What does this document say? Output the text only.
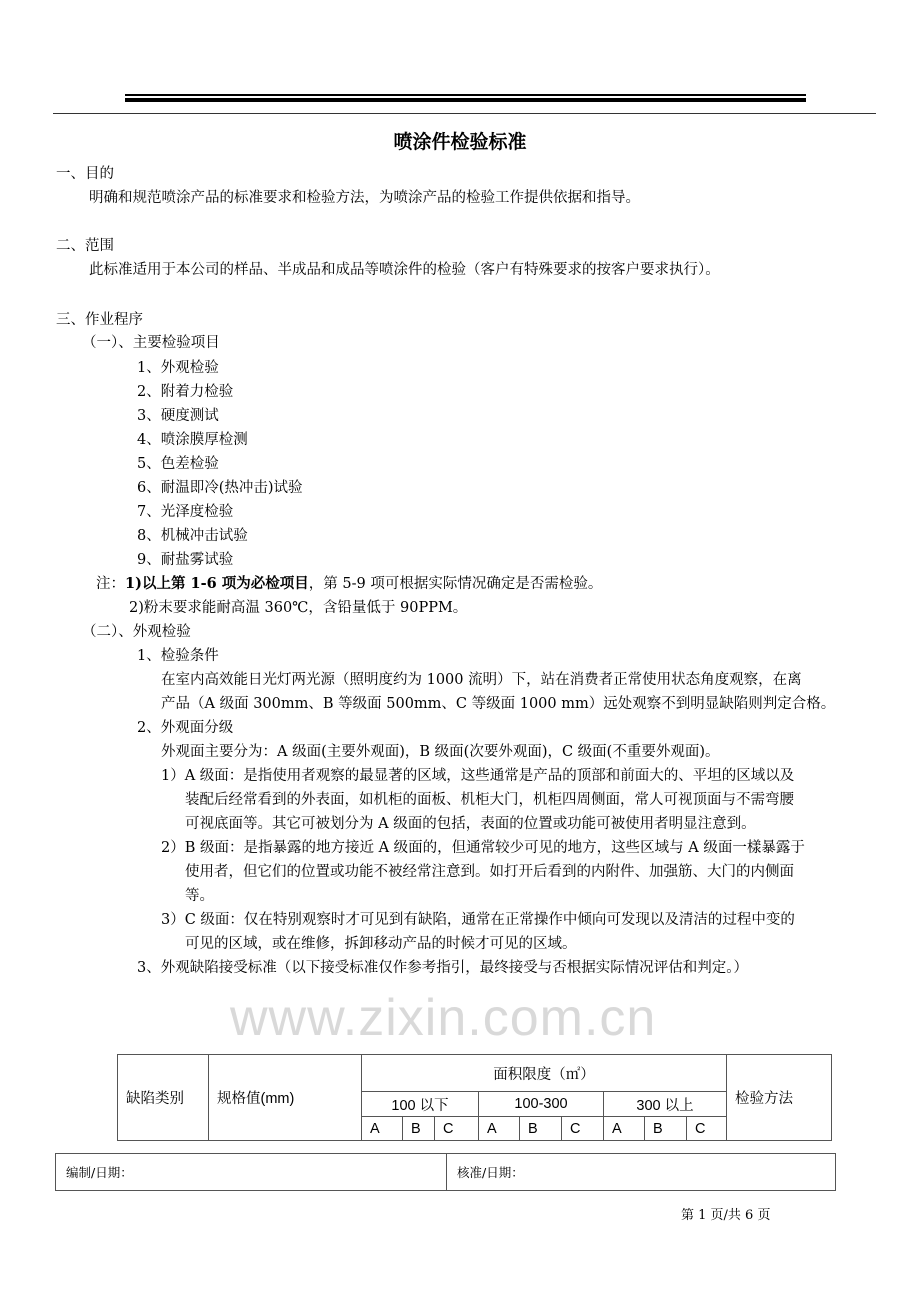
www.zixin.com.cn
喷涂件检验标准
一、目的
明确和规范喷涂产品的标准要求和检验方法，为喷涂产品的检验工作提供依据和指导。
二、范围
此标准适用于本公司的样品、半成品和成品等喷涂件的检验（客户有特殊要求的按客户要求执行）。
三、作业程序
（一）、主要检验项目
1、外观检验
2、附着力检验
3、硬度测试
4、喷涂膜厚检测
5、色差检验
6、耐温即冷(热冲击)试验
7、光泽度检验
8、机械冲击试验
9、耐盐雾试验
注：1)以上第 1-6 项为必检项目，第 5-9 项可根据实际情况确定是否需检验。
2)粉末要求能耐高温 360℃，含铅量低于 90PPM。
（二）、外观检验
1、检验条件
在室内高效能日光灯两光源（照明度约为 1000 流明）下，站在消费者正常使用状态角度观察，在离
产品（A 级面 300mm、B 等级面 500mm、C 等级面 1000 mm）远处观察不到明显缺陷则判定合格。
2、外观面分级
外观面主要分为：A 级面(主要外观面)，B 级面(次要外观面)，C 级面(不重要外观面)。
1）A 级面：是指使用者观察的最显著的区域，这些通常是产品的顶部和前面大的、平坦的区域以及
装配后经常看到的外表面，如机柜的面板、机柜大门，机柜四周侧面，常人可视顶面与不需弯腰
可视底面等。其它可被划分为 A 级面的包括，表面的位置或功能可被使用者明显注意到。
2）B 级面：是指暴露的地方接近 A 级面的，但通常较少可见的地方，这些区域与 A 级面一樣暴露于
使用者，但它们的位置或功能不被经常注意到。如打开后看到的内附件、加强筋、大门的内侧面
等。
3）C 级面：仅在特别观察时才可见到有缺陷，通常在正常操作中倾向可发现以及清洁的过程中变的
可见的区域，或在维修，拆卸移动产品的时候才可见的区域。
3、外观缺陷接受标准（以下接受标准仅作参考指引，最终接受与否根据实际情况评估和判定。）
缺陷类别	规格值(mm)	面积限度（㎡）									检验方法
		100 以下			100-300			300 以上			
		A	B	C	A	B	C	A	B	C	
编制/日期：	核准/日期：
第 1 页/共 6 页
